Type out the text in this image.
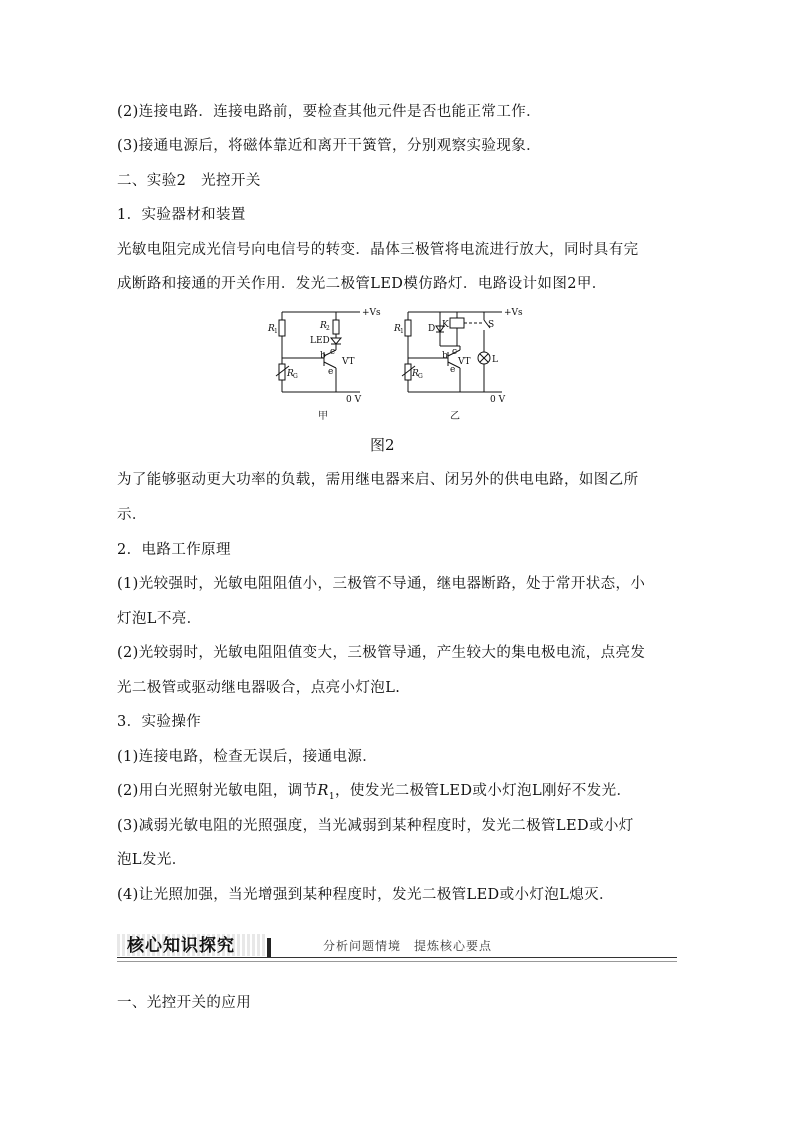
(2)连接电路．连接电路前，要检查其他元件是否也能正常工作．
(3)接通电源后，将磁体靠近和离开干簧管，分别观察实验现象．
二、实验2　光控开关
1．实验器材和装置
光敏电阻完成光信号向电信号的转变．晶体三极管将电流进行放大，同时具有完
成断路和接通的开关作用．发光二极管LED模仿路灯．电路设计如图2甲．
+Vs	+Vs
0 V	0 V
R 1
R 2
R G
LED
b c
e
VT
甲
R 1
R G
D K	S
b c
e
VT L
乙
图2
为了能够驱动更大功率的负载，需用继电器来启、闭另外的供电电路，如图乙所
示．
2．电路工作原理
(1)光较强时，光敏电阻阻值小，三极管不导通，继电器断路，处于常开状态，小
灯泡L不亮．
(2)光较弱时，光敏电阻阻值变大，三极管导通，产生较大的集电极电流，点亮发
光二极管或驱动继电器吸合，点亮小灯泡L.
3．实验操作
(1)连接电路，检查无误后，接通电源．
(2)用白光照射光敏电阻，调节$R_1$，使发光二极管LED或小灯泡L刚好不发光．
(3)减弱光敏电阻的光照强度，当光减弱到某种程度时，发光二极管LED或小灯
泡L发光．
(4)让光照加强，当光增强到某种程度时，发光二极管LED或小灯泡L熄灭．
核心知识探究	分析问题情境　提炼核心要点
一、光控开关的应用
